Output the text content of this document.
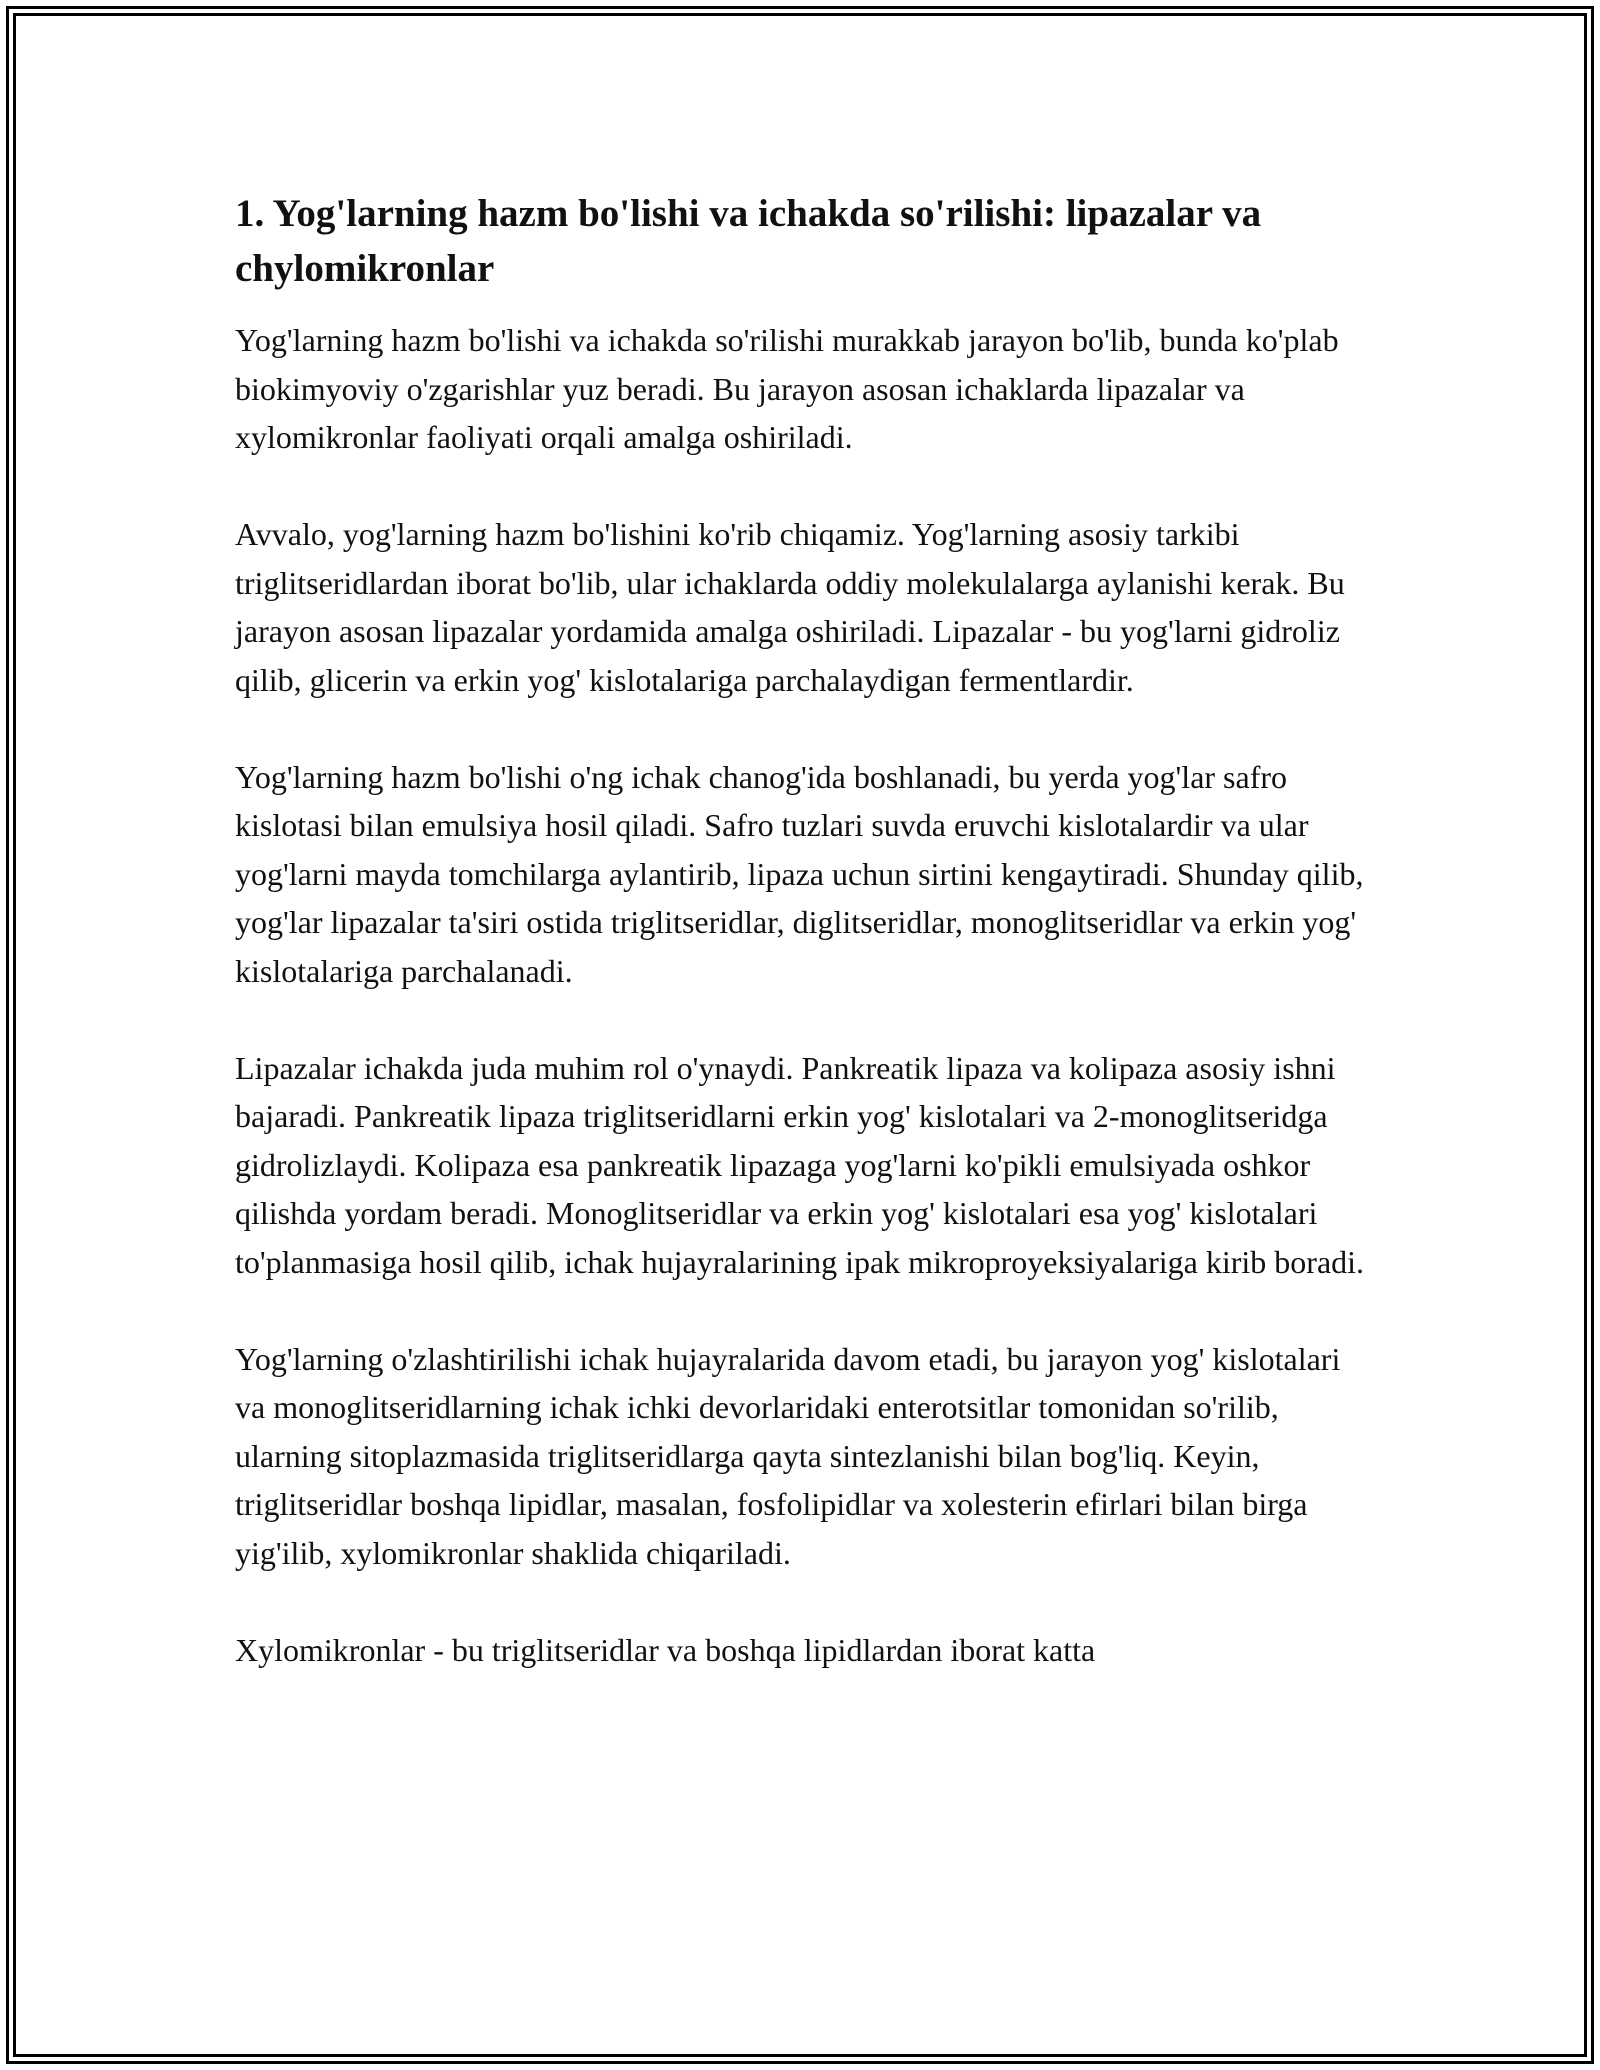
1. Yog'larning hazm bo'lishi va ichakda so'rilishi: lipazalar va chylomikronlar

Yog'larning hazm bo'lishi va ichakda so'rilishi murakkab jarayon bo'lib, bunda ko'plab biokimyoviy o'zgarishlar yuz beradi. Bu jarayon asosan ichaklarda lipazalar va xylomikronlar faoliyati orqali amalga oshiriladi.

Avvalo, yog'larning hazm bo'lishini ko'rib chiqamiz. Yog'larning asosiy tarkibi triglitseridlardan iborat bo'lib, ular ichaklarda oddiy molekulalarga aylanishi kerak. Bu jarayon asosan lipazalar yordamida amalga oshiriladi. Lipazalar - bu yog'larni gidroliz qilib, glicerin va erkin yog' kislotalariga parchalaydigan fermentlardir.

Yog'larning hazm bo'lishi o'ng ichak chanog'ida boshlanadi, bu yerda yog'lar safro kislotasi bilan emulsiya hosil qiladi. Safro tuzlari suvda eruvchi kislotalardir va ular yog'larni mayda tomchilarga aylantirib, lipaza uchun sirtini kengaytiradi. Shunday qilib, yog'lar lipazalar ta'siri ostida triglitseridlar, diglitseridlar, monoglitseridlar va erkin yog' kislotalariga parchalanadi.

Lipazalar ichakda juda muhim rol o'ynaydi. Pankreatik lipaza va kolipaza asosiy ishni bajaradi. Pankreatik lipaza triglitseridlarni erkin yog' kislotalari va 2-monoglitseridga gidrolizlaydi. Kolipaza esa pankreatik lipazaga yog'larni ko'pikli emulsiyada oshkor qilishda yordam beradi. Monoglitseridlar va erkin yog' kislotalari esa yog' kislotalari to'planmasiga hosil qilib, ichak hujayralarining ipak mikroproyeksiyalariga kirib boradi.

Yog'larning o'zlashtirilishi ichak hujayralarida davom etadi, bu jarayon yog' kislotalari va monoglitseridlarning ichak ichki devorlaridaki enterotsitlar tomonidan so'rilib, ularning sitoplazmasida triglitseridlarga qayta sintezlanishi bilan bog'liq. Keyin, triglitseridlar boshqa lipidlar, masalan, fosfolipidlar va xolesterin efirlari bilan birga yig'ilib, xylomikronlar shaklida chiqariladi.

Xylomikronlar - bu triglitseridlar va boshqa lipidlardan iborat katta
